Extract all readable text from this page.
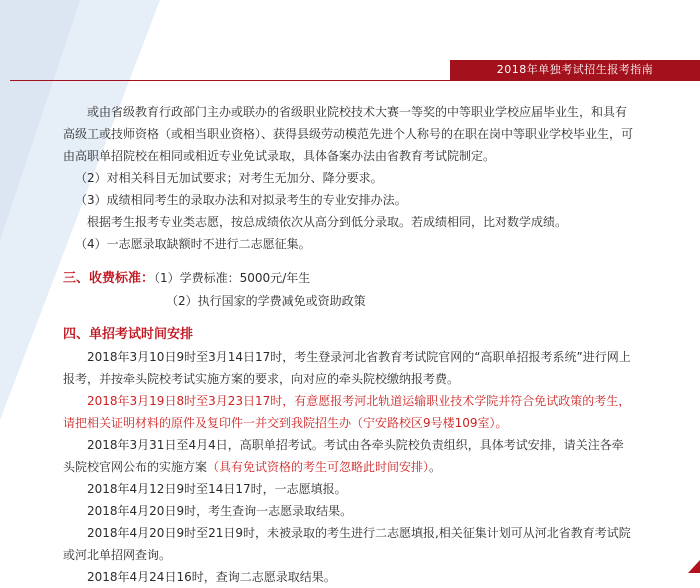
2018年单独考试招生报考指南

或由省级教育行政部门主办或联办的省级职业院校技术大赛一等奖的中等职业学校应届毕业生，和具有高级工或技师资格（或相当职业资格）、获得县级劳动模范先进个人称号的在职在岗中等职业学校毕业生，可由高职单招院校在相同或相近专业免试录取，具体备案办法由省教育考试院制定。

（2）对相关科目无加试要求；对考生无加分、降分要求。

（3）成绩相同考生的录取办法和对拟录考生的专业安排办法。

根据考生报考专业类志愿，按总成绩依次从高分到低分录取。若成绩相同，比对数学成绩。

（4）一志愿录取缺额时不进行二志愿征集。

三、收费标准：（1）学费标准：5000元/年生

（2）执行国家的学费减免或资助政策

四、单招考试时间安排

2018年3月10日9时至3月14日17时，考生登录河北省教育考试院官网的“高职单招报考系统”进行网上报考，并按牵头院校考试实施方案的要求，向对应的牵头院校缴纳报考费。

2018年3月19日8时至3月23日17时，有意愿报考河北轨道运输职业技术学院并符合免试政策的考生，请把相关证明材料的原件及复印件一并交到我院招生办（宁安路校区9号楼109室）。

2018年3月31日至4月4日，高职单招考试。考试由各牵头院校负责组织，具体考试安排，请关注各牵头院校官网公布的实施方案（具有免试资格的考生可忽略此时间安排）。

2018年4月12日9时至14日17时，一志愿填报。

2018年4月20日9时，考生查询一志愿录取结果。

2018年4月20日9时至21日9时，未被录取的考生进行二志愿填报,相关征集计划可从河北省教育考试院或河北单招网查询。

2018年4月24日16时，查询二志愿录取结果。
